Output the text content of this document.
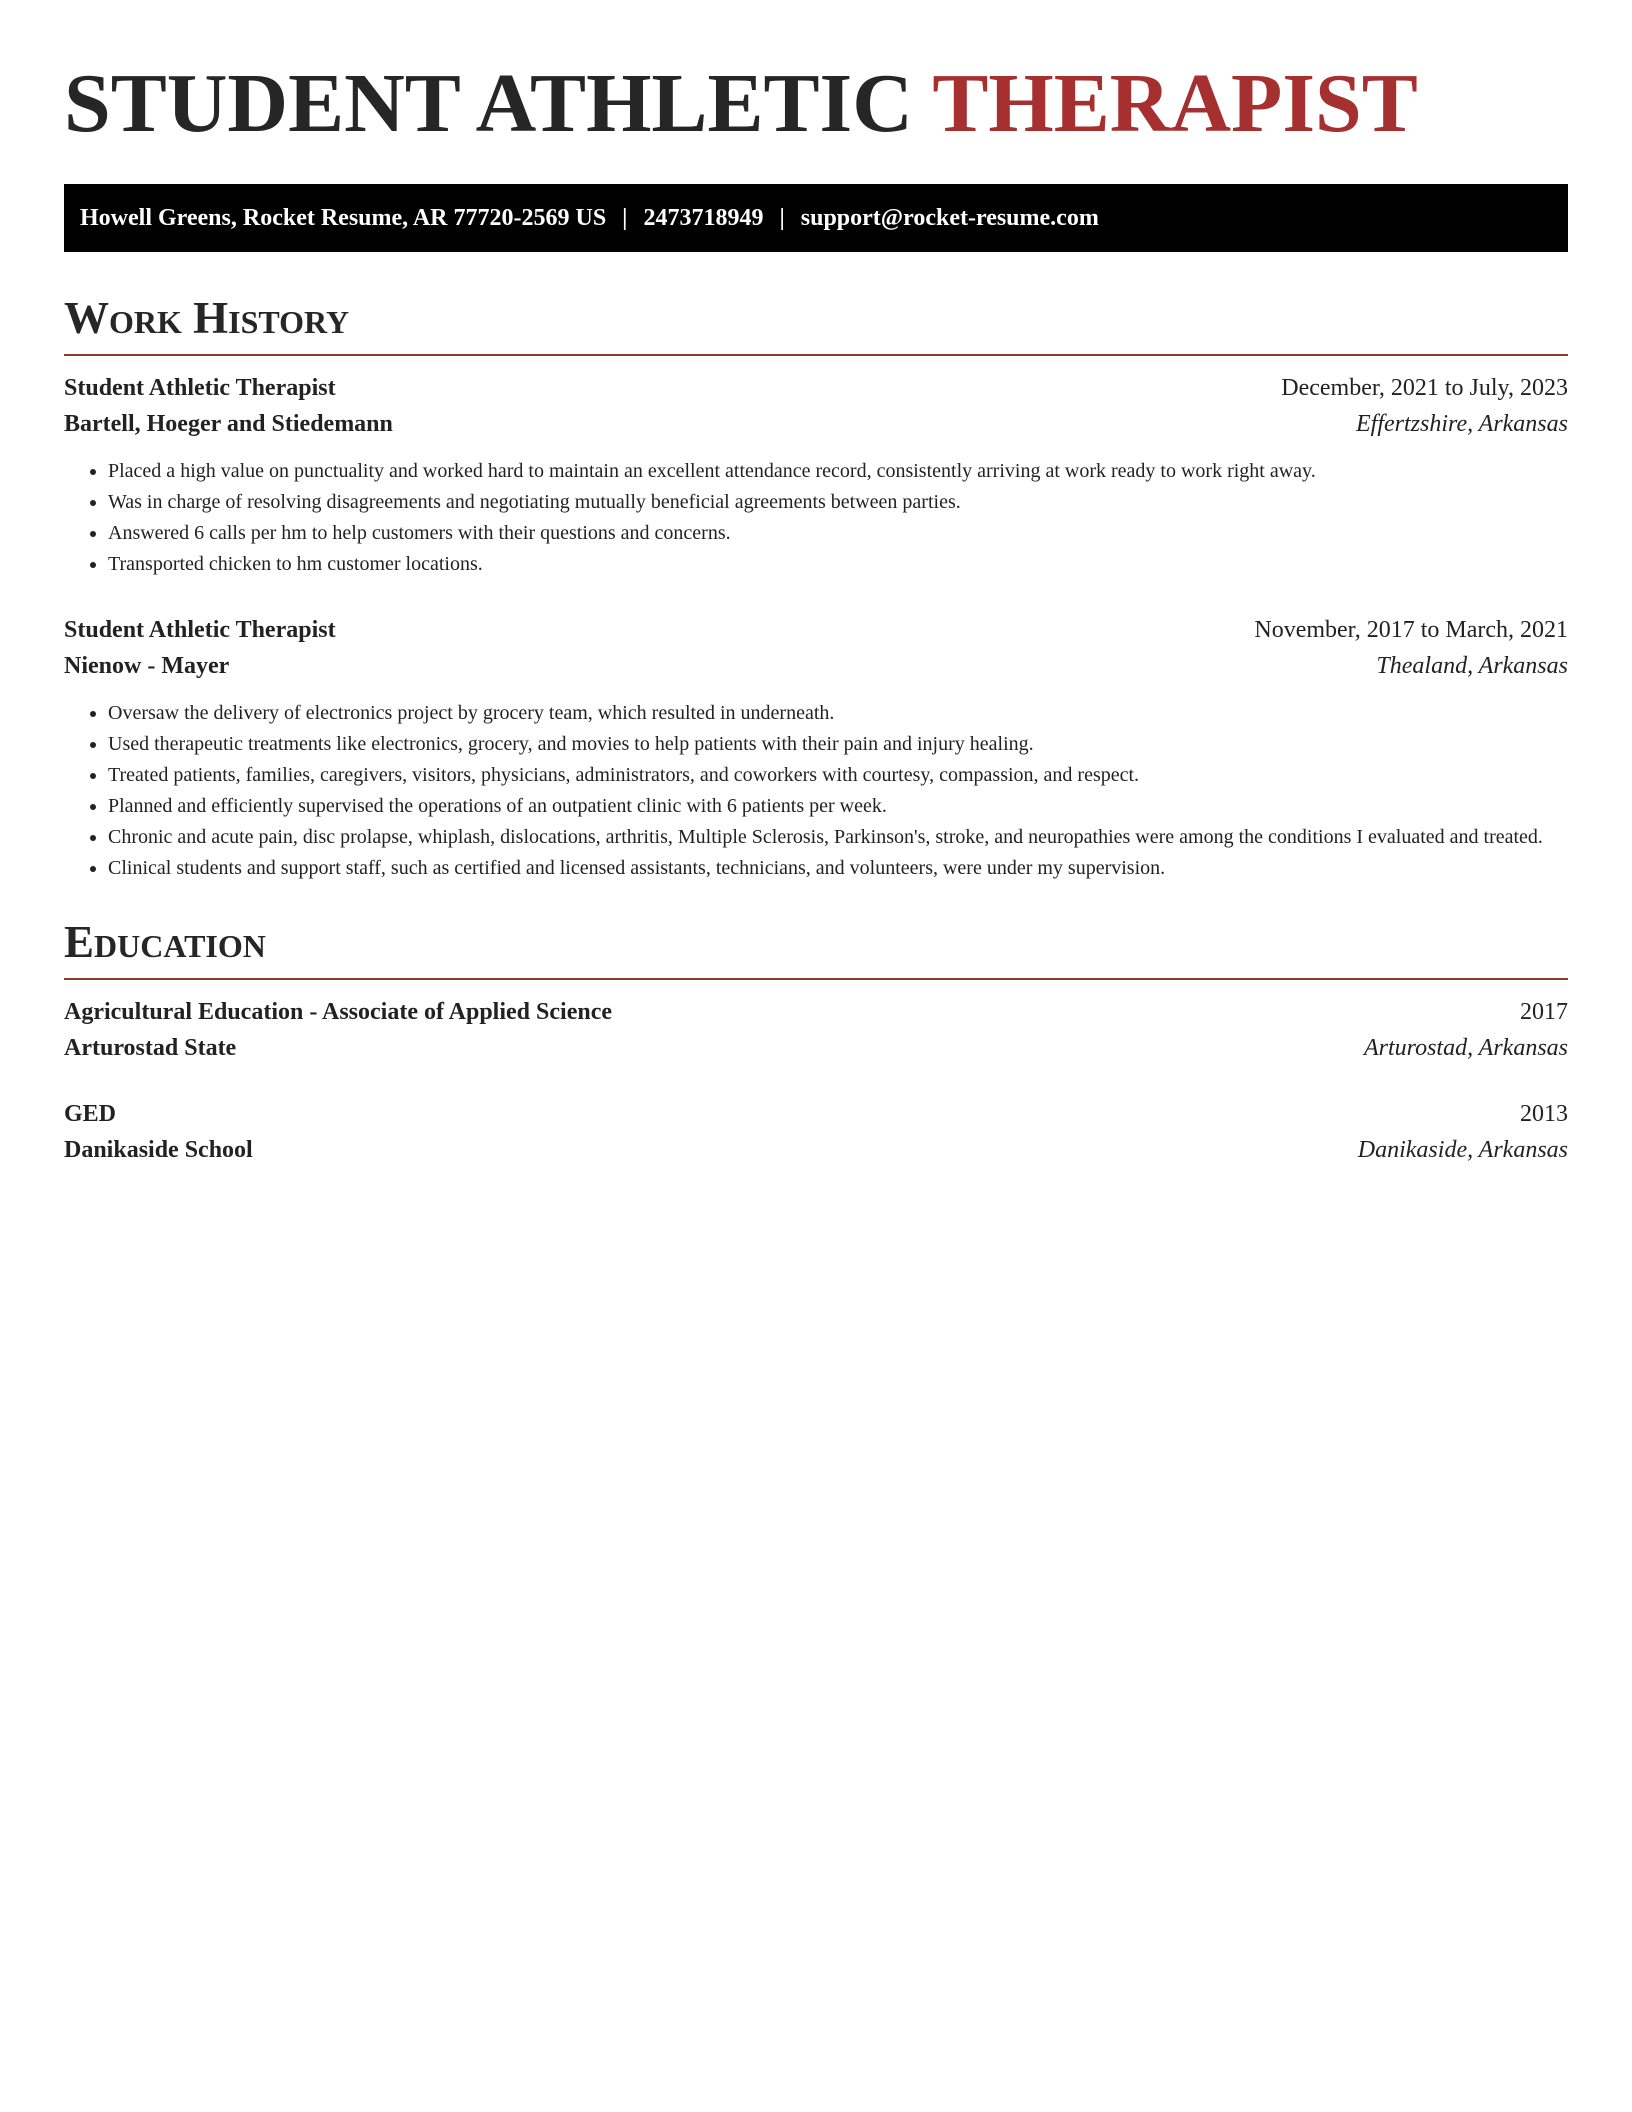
STUDENT ATHLETIC THERAPIST
Howell Greens, Rocket Resume, AR 77720-2569 US | 2473718949 | support@rocket-resume.com
Work History
Student Athletic Therapist	December, 2021 to July, 2023
Bartell, Hoeger and Stiedemann	Effertzshire, Arkansas
• Placed a high value on punctuality and worked hard to maintain an excellent attendance record, consistently arriving at work ready to work right away.
• Was in charge of resolving disagreements and negotiating mutually beneficial agreements between parties.
• Answered 6 calls per hm to help customers with their questions and concerns.
• Transported chicken to hm customer locations.
Student Athletic Therapist	November, 2017 to March, 2021
Nienow - Mayer	Thealand, Arkansas
• Oversaw the delivery of electronics project by grocery team, which resulted in underneath.
• Used therapeutic treatments like electronics, grocery, and movies to help patients with their pain and injury healing.
• Treated patients, families, caregivers, visitors, physicians, administrators, and coworkers with courtesy, compassion, and respect.
• Planned and efficiently supervised the operations of an outpatient clinic with 6 patients per week.
• Chronic and acute pain, disc prolapse, whiplash, dislocations, arthritis, Multiple Sclerosis, Parkinson's, stroke, and neuropathies were among the conditions I evaluated and treated.
• Clinical students and support staff, such as certified and licensed assistants, technicians, and volunteers, were under my supervision.
Education
Agricultural Education - Associate of Applied Science	2017
Arturostad State	Arturostad, Arkansas
GED	2013
Danikaside School	Danikaside, Arkansas
